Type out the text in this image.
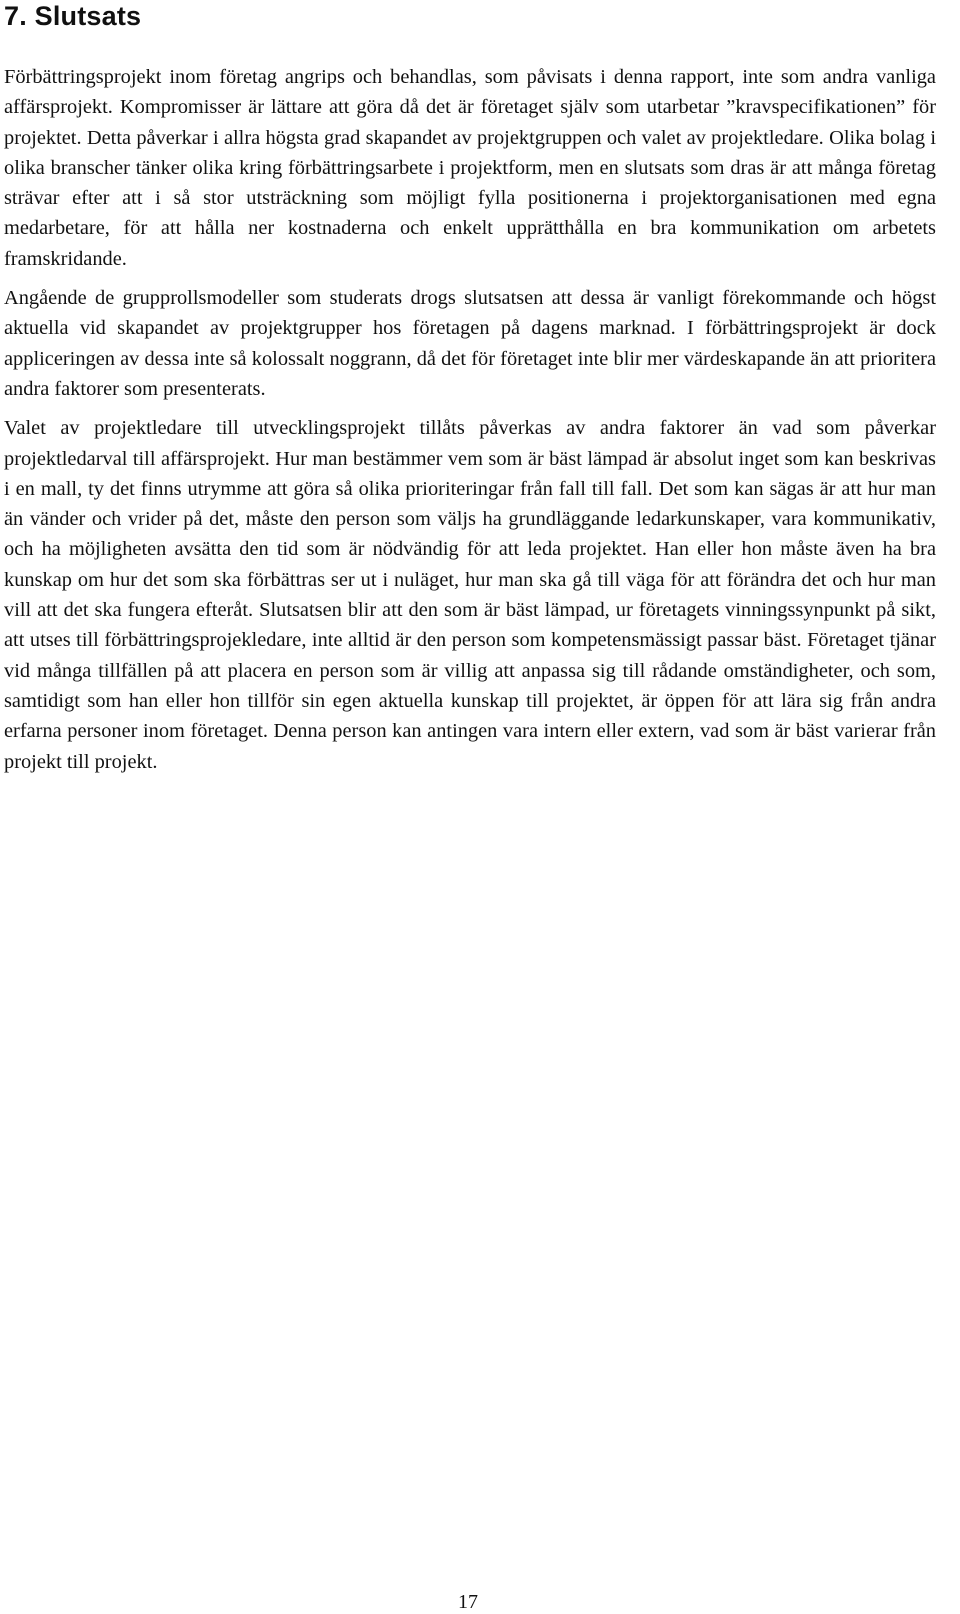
7. Slutsats

Förbättringsprojekt inom företag angrips och behandlas, som påvisats i denna rapport, inte som andra vanliga affärsprojekt. Kompromisser är lättare att göra då det är företaget själv som utarbetar ”kravspecifikationen” för projektet. Detta påverkar i allra högsta grad skapandet av projektgruppen och valet av projektledare. Olika bolag i olika branscher tänker olika kring förbättringsarbete i projektform, men en slutsats som dras är att många företag strävar efter att i så stor utsträckning som möjligt fylla positionerna i projektorganisationen med egna medarbetare, för att hålla ner kostnaderna och enkelt upprätthålla en bra kommunikation om arbetets framskridande.

Angående de grupprollsmodeller som studerats drogs slutsatsen att dessa är vanligt förekommande och högst aktuella vid skapandet av projektgrupper hos företagen på dagens marknad. I förbättringsprojekt är dock appliceringen av dessa inte så kolossalt noggrann, då det för företaget inte blir mer värdeskapande än att prioritera andra faktorer som presenterats.

Valet av projektledare till utvecklingsprojekt tillåts påverkas av andra faktorer än vad som påverkar projektledarval till affärsprojekt. Hur man bestämmer vem som är bäst lämpad är absolut inget som kan beskrivas i en mall, ty det finns utrymme att göra så olika prioriteringar från fall till fall. Det som kan sägas är att hur man än vänder och vrider på det, måste den person som väljs ha grundläggande ledarkunskaper, vara kommunikativ, och ha möjligheten avsätta den tid som är nödvändig för att leda projektet. Han eller hon måste även ha bra kunskap om hur det som ska förbättras ser ut i nuläget, hur man ska gå till väga för att förändra det och hur man vill att det ska fungera efteråt. Slutsatsen blir att den som är bäst lämpad, ur företagets vinningssynpunkt på sikt, att utses till förbättringsprojekledare, inte alltid är den person som kompetensmässigt passar bäst. Företaget tjänar vid många tillfällen på att placera en person som är villig att anpassa sig till rådande omständigheter, och som, samtidigt som han eller hon tillför sin egen aktuella kunskap till projektet, är öppen för att lära sig från andra erfarna personer inom företaget. Denna person kan antingen vara intern eller extern, vad som är bäst varierar från projekt till projekt.

17
